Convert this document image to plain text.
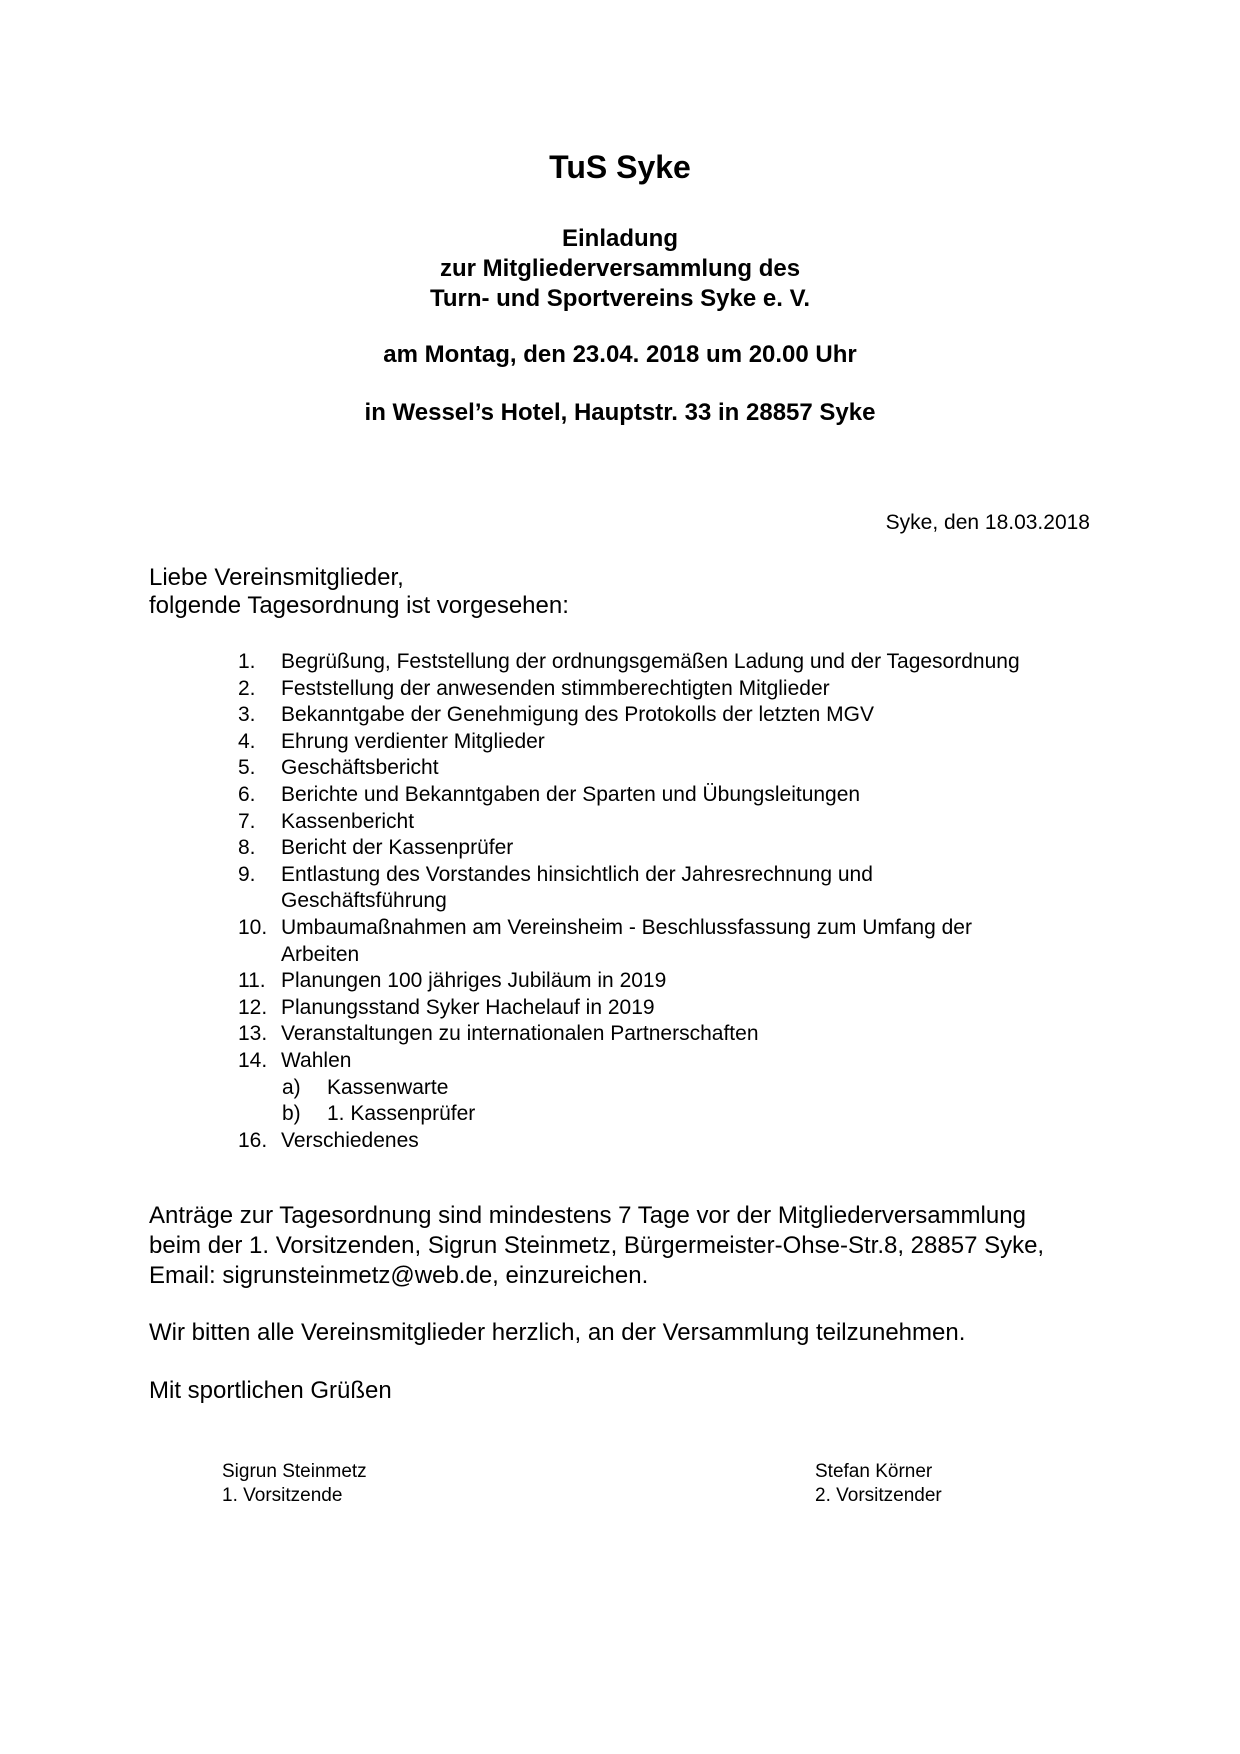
TuS Syke
Einladung
zur Mitgliederversammlung des
Turn- und Sportvereins Syke e. V.
am Montag, den 23.04. 2018 um 20.00 Uhr
in Wessel’s Hotel, Hauptstr. 33 in 28857 Syke
Syke, den 18.03.2018
Liebe Vereinsmitglieder,
folgende Tagesordnung ist vorgesehen:
1.	Begrüßung, Feststellung der ordnungsgemäßen Ladung und der Tagesordnung
2.	Feststellung der anwesenden stimmberechtigten Mitglieder
3.	Bekanntgabe der Genehmigung des Protokolls der letzten MGV
4.	Ehrung verdienter Mitglieder
5.	Geschäftsbericht
6.	Berichte und Bekanntgaben der Sparten und Übungsleitungen
7.	Kassenbericht
8.	Bericht der Kassenprüfer
9.	Entlastung des Vorstandes hinsichtlich der Jahresrechnung und
Geschäftsführung
10. Umbaumaßnahmen am Vereinsheim - Beschlussfassung zum Umfang der
Arbeiten
11. Planungen 100 jähriges Jubiläum in 2019
12. Planungsstand Syker Hachelauf in 2019
13. Veranstaltungen zu internationalen Partnerschaften
14. Wahlen
a) Kassenwarte
b) 1. Kassenprüfer
16. Verschiedenes
Anträge zur Tagesordnung sind mindestens 7 Tage vor der Mitgliederversammlung
beim der 1. Vorsitzenden, Sigrun Steinmetz, Bürgermeister-Ohse-Str.8, 28857 Syke,
Email: sigrunsteinmetz@web.de, einzureichen.
Wir bitten alle Vereinsmitglieder herzlich, an der Versammlung teilzunehmen.
Mit sportlichen Grüßen
Sigrun Steinmetz
1. Vorsitzende
Stefan Körner
2. Vorsitzender
